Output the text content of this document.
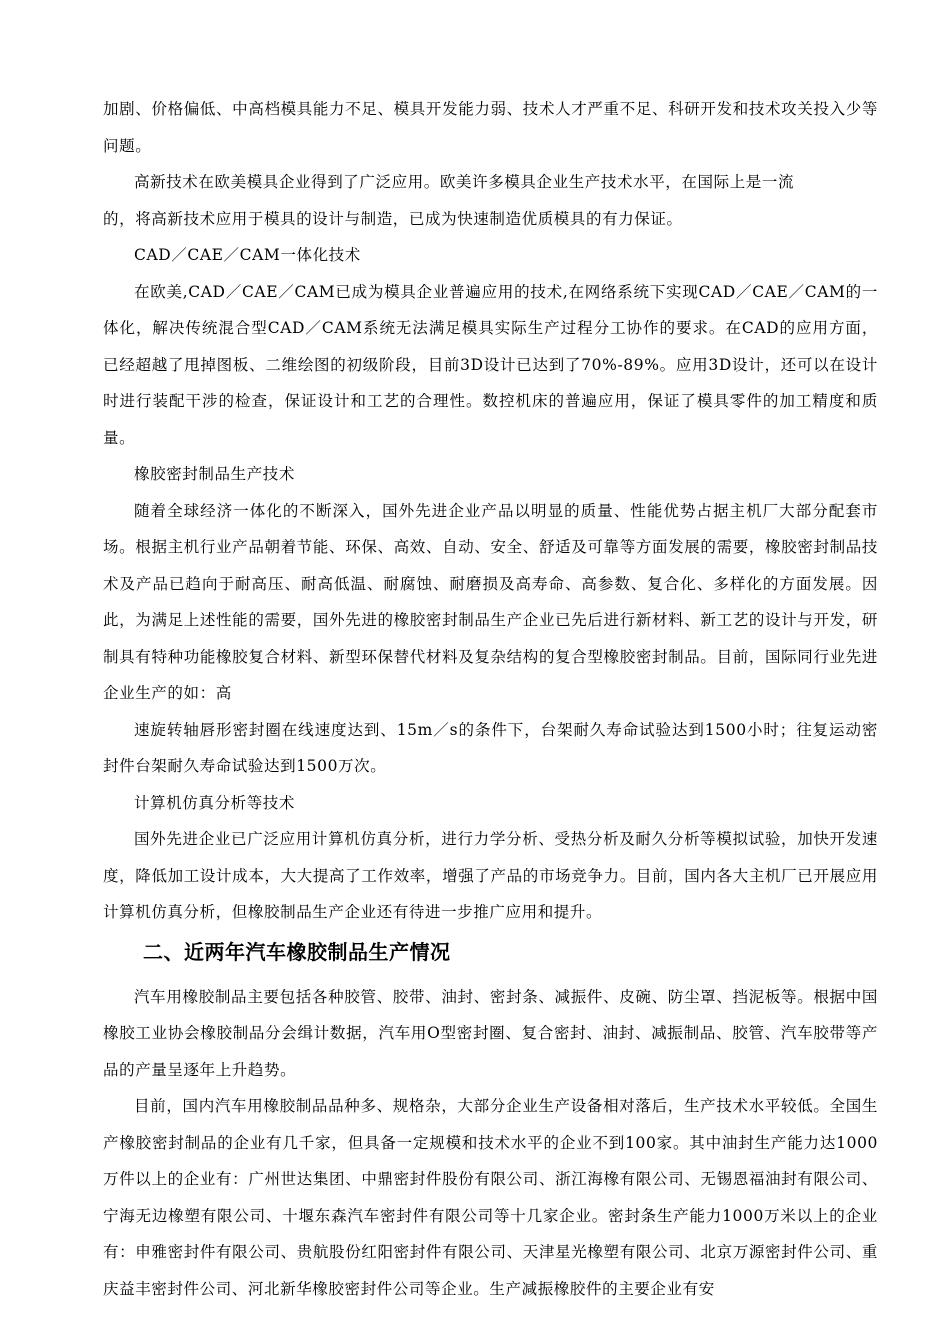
加剧、价格偏低、中高档模具能力不足、模具开发能力弱、技术人才严重不足、科研开发和技术攻关投入少等问题。

高新技术在欧美模具企业得到了广泛应用。欧美许多模具企业生产技术水平，在国际上是一流

的，将高新技术应用于模具的设计与制造，已成为快速制造优质模具的有力保证。

CAD／CAE／CAM一体化技术

在欧美,CAD／CAE／CAM已成为模具企业普遍应用的技术,在网络系统下实现CAD／CAE／CAM的一体化，解决传统混合型CAD／CAM系统无法满足模具实际生产过程分工协作的要求。在CAD的应用方面，已经超越了甩掉图板、二维绘图的初级阶段，目前3D设计已达到了70%-89%。应用3D设计，还可以在设计时进行装配干涉的检查，保证设计和工艺的合理性。数控机床的普遍应用，保证了模具零件的加工精度和质量。

橡胶密封制品生产技术

随着全球经济一体化的不断深入，国外先进企业产品以明显的质量、性能优势占据主机厂大部分配套市场。根据主机行业产品朝着节能、环保、高效、自动、安全、舒适及可靠等方面发展的需要，橡胶密封制品技术及产品已趋向于耐高压、耐高低温、耐腐蚀、耐磨损及高寿命、高参数、复合化、多样化的方面发展。因此，为满足上述性能的需要，国外先进的橡胶密封制品生产企业已先后进行新材料、新工艺的设计与开发，研制具有特种功能橡胶复合材料、新型环保替代材料及复杂结构的复合型橡胶密封制品。目前，国际同行业先进企业生产的如：高

速旋转轴唇形密封圈在线速度达到、15m／s的条件下，台架耐久寿命试验达到1500小时；往复运动密封件台架耐久寿命试验达到1500万次。

计算机仿真分析等技术

国外先进企业已广泛应用计算机仿真分析，进行力学分析、受热分析及耐久分析等模拟试验，加快开发速度，降低加工设计成本，大大提高了工作效率，增强了产品的市场竞争力。目前，国内各大主机厂已开展应用计算机仿真分析，但橡胶制品生产企业还有待进一步推广应用和提升。

二、近两年汽车橡胶制品生产情况

汽车用橡胶制品主要包括各种胶管、胶带、油封、密封条、减振件、皮碗、防尘罩、挡泥板等。根据中国橡胶工业协会橡胶制品分会缉计数据，汽车用O型密封圈、复合密封、油封、减振制品、胶管、汽车胶带等产品的产量呈逐年上升趋势。

目前，国内汽车用橡胶制品品种多、规格杂，大部分企业生产设备相对落后，生产技术水平较低。全国生产橡胶密封制品的企业有几千家，但具备一定规模和技术水平的企业不到100家。其中油封生产能力达1000万件以上的企业有：广州世达集团、中鼎密封件股份有限公司、浙江海橡有限公司、无锡恩福油封有限公司、宁海无边橡塑有限公司、十堰东森汽车密封件有限公司等十几家企业。密封条生产能力1000万米以上的企业有：申雅密封件有限公司、贵航股份红阳密封件有限公司、天津星光橡塑有限公司、北京万源密封件公司、重庆益丰密封件公司、河北新华橡胶密封件公司等企业。生产减振橡胶件的主要企业有安
